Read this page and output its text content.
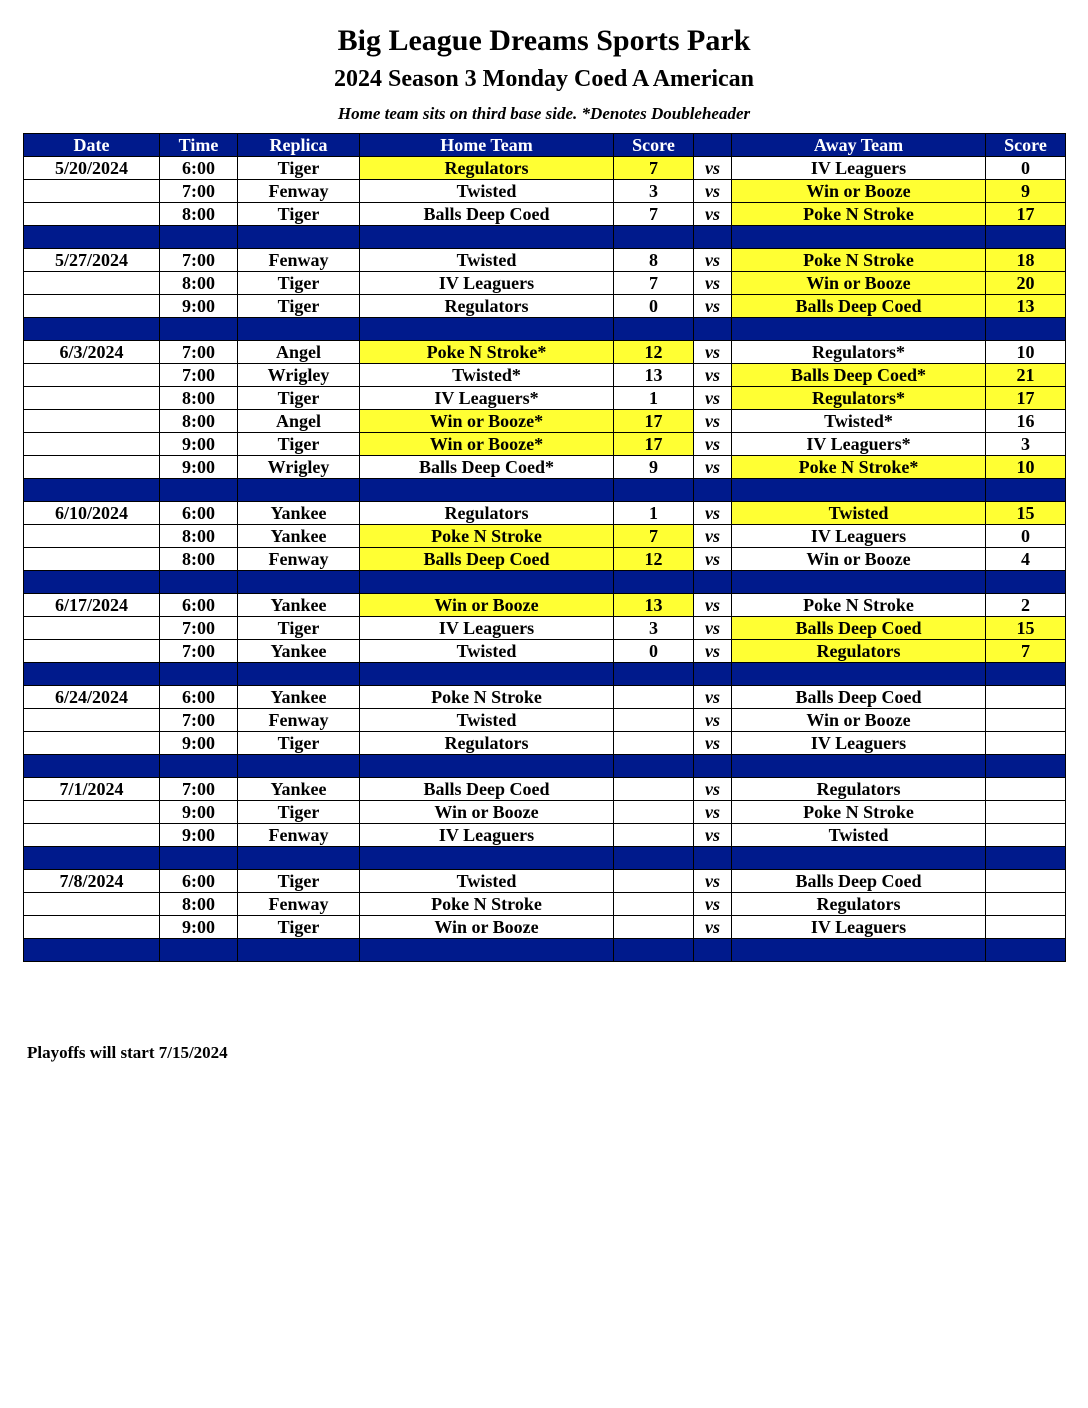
Big League Dreams Sports Park
2024 Season 3 Monday Coed A American
Home team sits on third base side. *Denotes Doubleheader
Date	Time	Replica	Home Team	Score		Away Team	Score
5/20/2024	6:00	Tiger	Regulators	7	vs	IV Leaguers	0
	7:00	Fenway	Twisted	3	vs	Win or Booze	9
	8:00	Tiger	Balls Deep Coed	7	vs	Poke N Stroke	17

5/27/2024	7:00	Fenway	Twisted	8	vs	Poke N Stroke	18
	8:00	Tiger	IV Leaguers	7	vs	Win or Booze	20
	9:00	Tiger	Regulators	0	vs	Balls Deep Coed	13

6/3/2024	7:00	Angel	Poke N Stroke*	12	vs	Regulators*	10
	7:00	Wrigley	Twisted*	13	vs	Balls Deep Coed*	21
	8:00	Tiger	IV Leaguers*	1	vs	Regulators*	17
	8:00	Angel	Win or Booze*	17	vs	Twisted*	16
	9:00	Tiger	Win or Booze*	17	vs	IV Leaguers*	3
	9:00	Wrigley	Balls Deep Coed*	9	vs	Poke N Stroke*	10

6/10/2024	6:00	Yankee	Regulators	1	vs	Twisted	15
	8:00	Yankee	Poke N Stroke	7	vs	IV Leaguers	0
	8:00	Fenway	Balls Deep Coed	12	vs	Win or Booze	4

6/17/2024	6:00	Yankee	Win or Booze	13	vs	Poke N Stroke	2
	7:00	Tiger	IV Leaguers	3	vs	Balls Deep Coed	15
	7:00	Yankee	Twisted	0	vs	Regulators	7

6/24/2024	6:00	Yankee	Poke N Stroke		vs	Balls Deep Coed	
	7:00	Fenway	Twisted		vs	Win or Booze	
	9:00	Tiger	Regulators		vs	IV Leaguers	

7/1/2024	7:00	Yankee	Balls Deep Coed		vs	Regulators	
	9:00	Tiger	Win or Booze		vs	Poke N Stroke	
	9:00	Fenway	IV Leaguers		vs	Twisted	

7/8/2024	6:00	Tiger	Twisted		vs	Balls Deep Coed	
	8:00	Fenway	Poke N Stroke		vs	Regulators	
	9:00	Tiger	Win or Booze		vs	IV Leaguers	

Playoffs will start 7/15/2024
